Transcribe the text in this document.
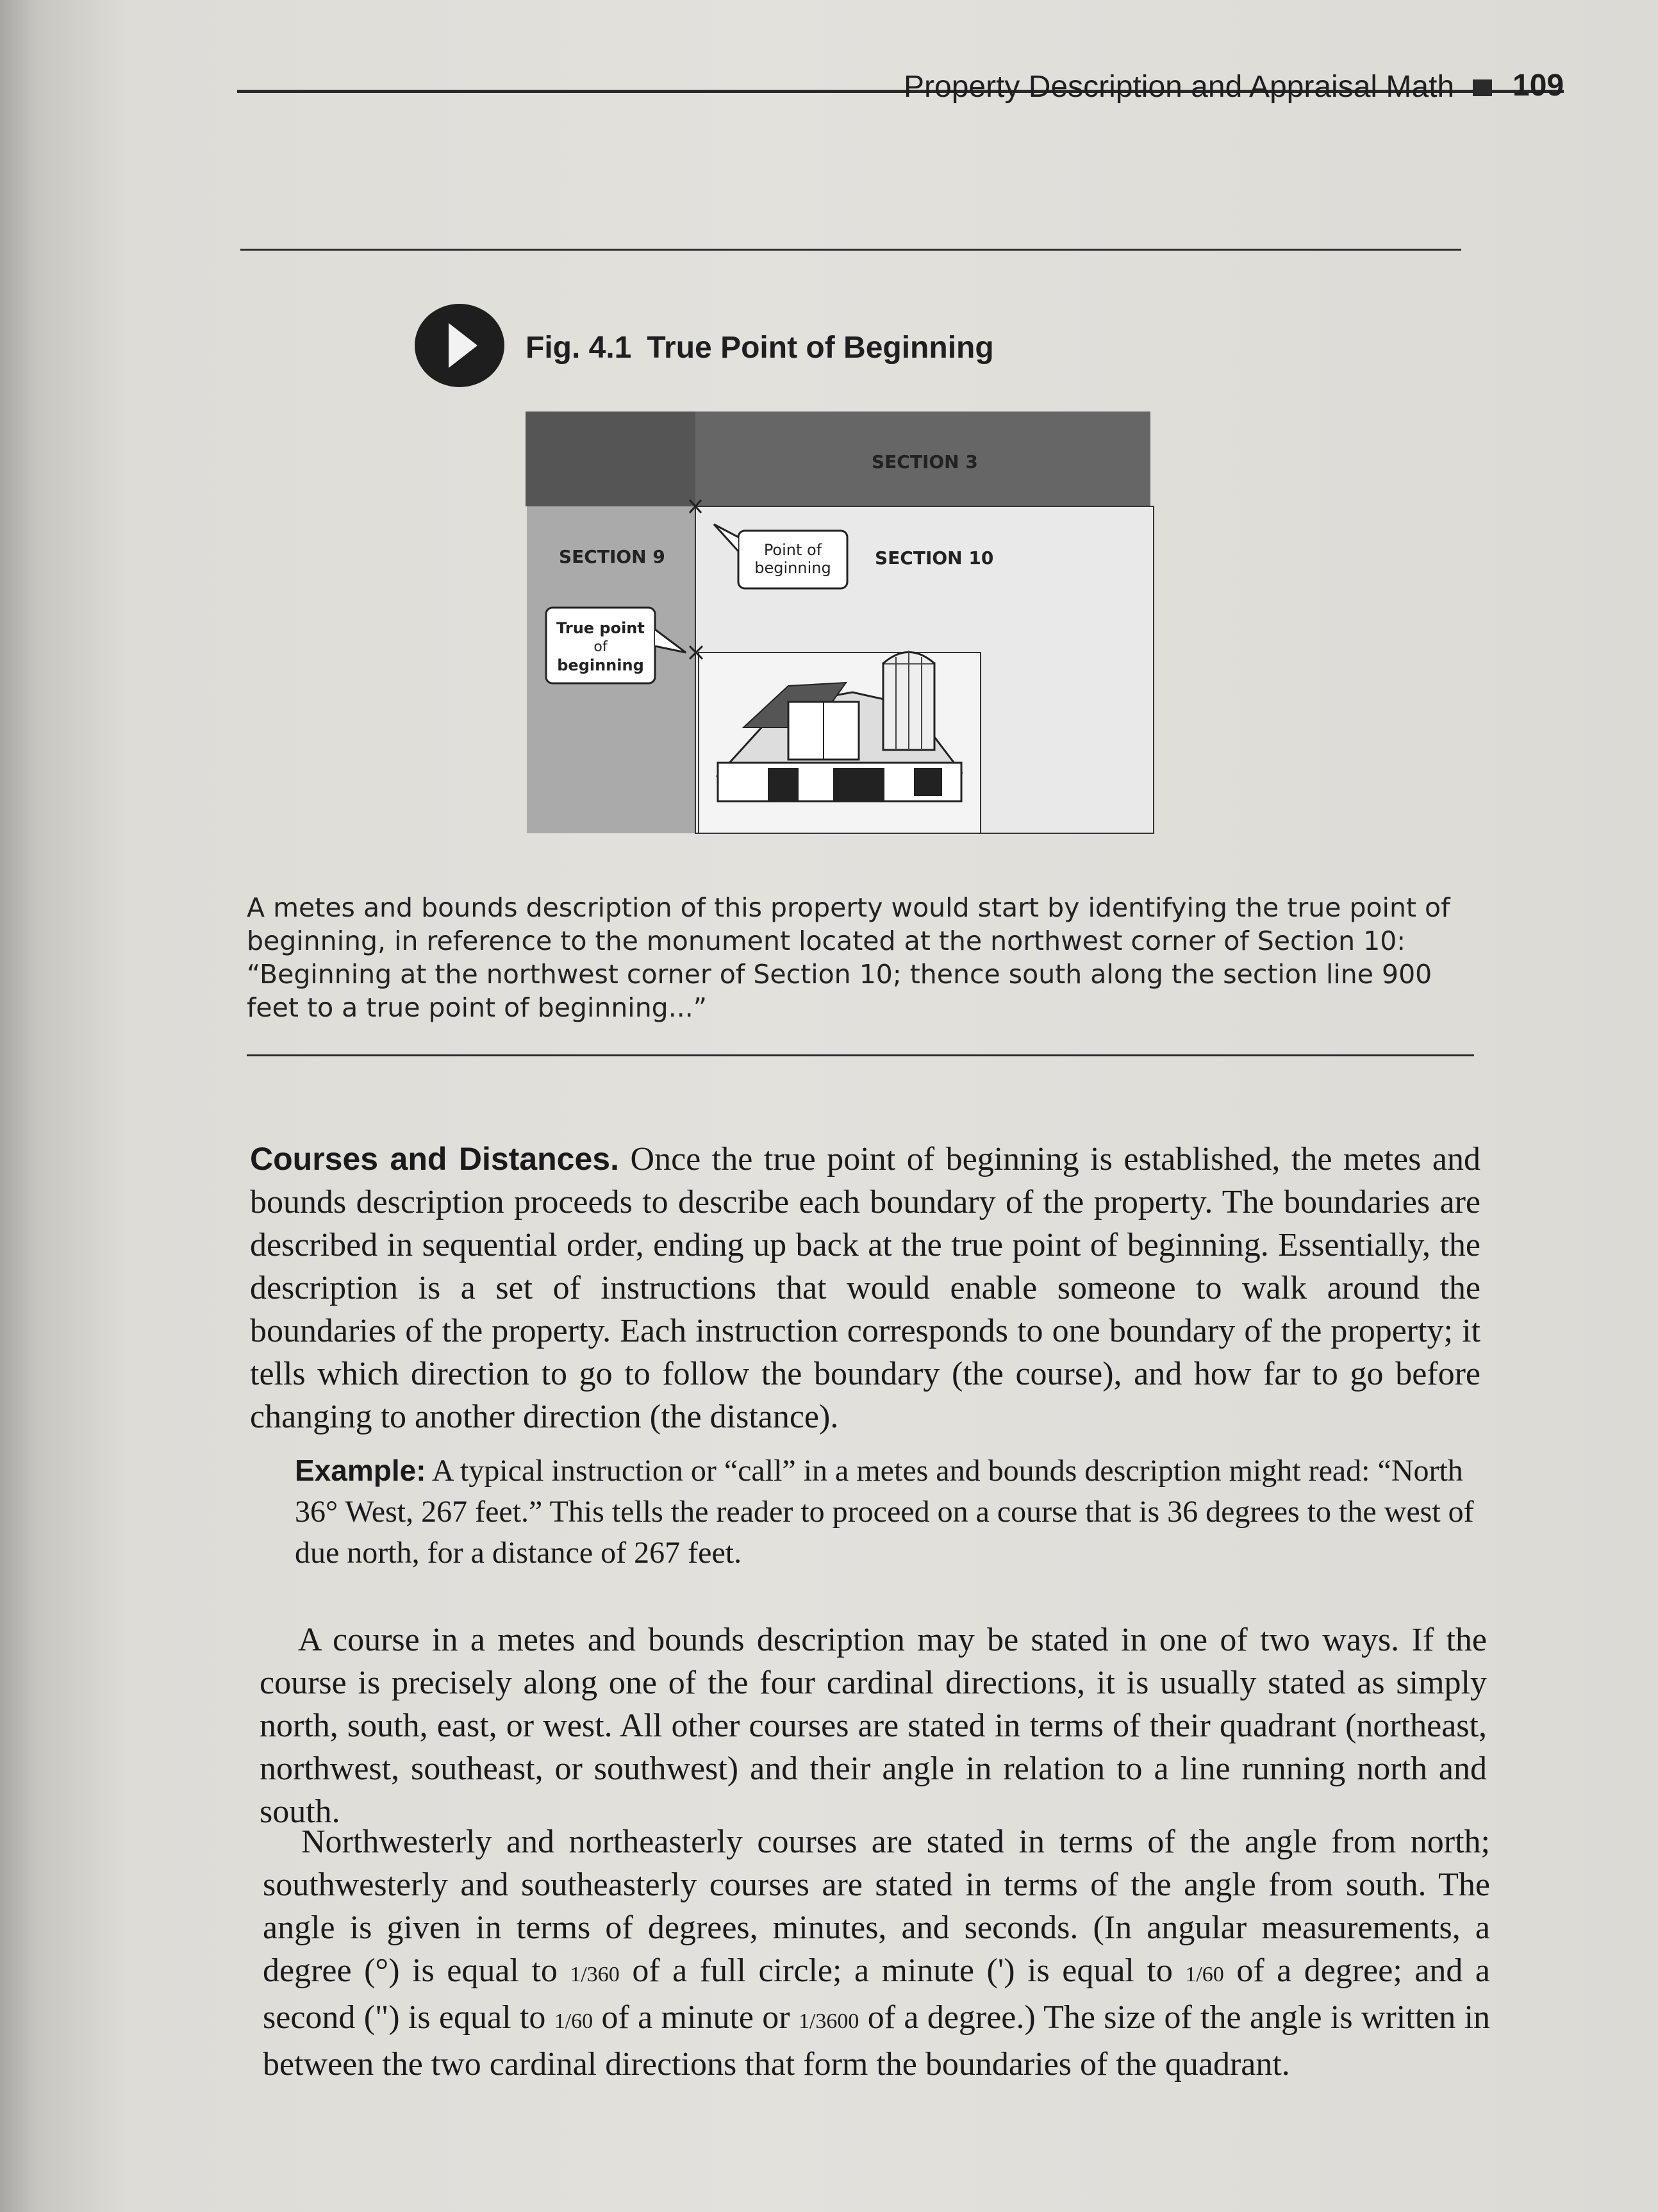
Property Description and Appraisal Math 109
Fig. 4.1 True Point of Beginning
SECTION 3
SECTION 9	SECTION 10
Point of
beginning
True point
of
beginning
A metes and bounds description of this property would start by identifying the true point of beginning, in reference to the monument located at the northwest corner of Section 10: “Beginning at the northwest corner of Section 10; thence south along the section line 900 feet to a true point of beginning...”
Courses and Distances. Once the true point of beginning is established, the metes and bounds description proceeds to describe each boundary of the property. The boundaries are described in sequential order, ending up back at the true point of beginning. Essentially, the description is a set of instructions that would enable someone to walk around the boundaries of the property. Each instruction corresponds to one boundary of the property; it tells which direction to go to follow the boundary (the course), and how far to go before changing to another direction (the distance).
Example: A typical instruction or “call” in a metes and bounds description might read: “North 36° West, 267 feet.” This tells the reader to proceed on a course that is 36 degrees to the west of due north, for a distance of 267 feet.
A course in a metes and bounds description may be stated in one of two ways. If the course is precisely along one of the four cardinal directions, it is usually stated as simply north, south, east, or west. All other courses are stated in terms of their quadrant (northeast, northwest, southeast, or southwest) and their angle in relation to a line running north and south.
Northwesterly and northeasterly courses are stated in terms of the angle from north; southwesterly and southeasterly courses are stated in terms of the angle from south. The angle is given in terms of degrees, minutes, and seconds. (In angular measurements, a degree (°) is equal to 1/360 of a full circle; a minute (') is equal to 1/60 of a degree; and a second (") is equal to 1/60 of a minute or 1/3600 of a degree.) The size of the angle is written in between the two cardinal directions that form the boundaries of the quadrant.
